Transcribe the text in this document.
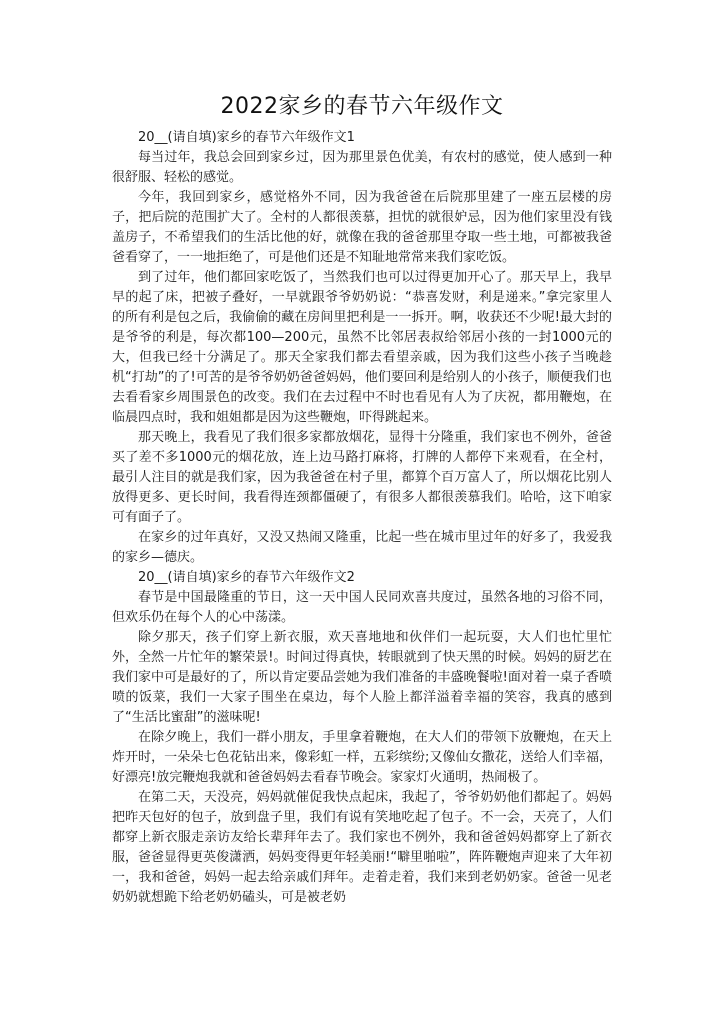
2022家乡的春节六年级作文

20__(请自填)家乡的春节六年级作文1

每当过年，我总会回到家乡过，因为那里景色优美，有农村的感觉，使人感到一种很舒服、轻松的感觉。

今年，我回到家乡，感觉格外不同，因为我爸爸在后院那里建了一座五层楼的房子，把后院的范围扩大了。全村的人都很羡慕，担忧的就很妒忌，因为他们家里没有钱盖房子，不希望我们的生活比他的好，就像在我的爸爸那里夺取一些土地，可都被我爸爸看穿了，一一地拒绝了，可是他们还是不知耻地常常来我们家吃饭。

到了过年，他们都回家吃饭了，当然我们也可以过得更加开心了。那天早上，我早早的起了床，把被子叠好，一早就跟爷爷奶奶说：“恭喜发财，利是递来。”拿完家里人的所有利是包之后，我偷偷的藏在房间里把利是一一拆开。啊，收获还不少呢!最大封的是爷爷的利是，每次都100—200元，虽然不比邻居表叔给邻居小孩的一封1000元的大，但我已经十分满足了。那天全家我们都去看望亲戚，因为我们这些小孩子当晚趁机“打劫”的了!可苦的是爷爷奶奶爸爸妈妈，他们要回利是给别人的小孩子，顺便我们也去看看家乡周围景色的改变。我们在去过程中不时也看见有人为了庆祝，都用鞭炮，在临晨四点时，我和姐姐都是因为这些鞭炮，吓得跳起来。

那天晚上，我看见了我们很多家都放烟花，显得十分隆重，我们家也不例外，爸爸买了差不多1000元的烟花放，连上边马路打麻将，打牌的人都停下来观看，在全村，最引人注目的就是我们家，因为我爸爸在村子里，都算个百万富人了，所以烟花比别人放得更多、更长时间，我看得连颈都僵硬了，有很多人都很羡慕我们。哈哈，这下咱家可有面子了。

在家乡的过年真好，又没又热闹又隆重，比起一些在城市里过年的好多了，我爱我的家乡—德庆。

20__(请自填)家乡的春节六年级作文2

春节是中国最隆重的节日，这一天中国人民同欢喜共度过，虽然各地的习俗不同，但欢乐仍在每个人的心中荡漾。

除夕那天，孩子们穿上新衣服，欢天喜地地和伙伴们一起玩耍，大人们也忙里忙外，全然一片忙年的繁荣景!。时间过得真快，转眼就到了快天黑的时候。妈妈的厨艺在我们家中可是最好的了，所以肯定要品尝她为我们准备的丰盛晚餐啦!面对着一桌子香喷喷的饭菜，我们一大家子围坐在桌边，每个人脸上都洋溢着幸福的笑容，我真的感到了“生活比蜜甜”的滋味呢!

在除夕晚上，我们一群小朋友，手里拿着鞭炮，在大人们的带领下放鞭炮，在天上炸开时，一朵朵七色花钻出来，像彩虹一样，五彩缤纷;又像仙女撒花，送给人们幸福，好漂亮!放完鞭炮我就和爸爸妈妈去看春节晚会。家家灯火通明，热闹极了。

在第二天，天没亮，妈妈就催促我快点起床，我起了，爷爷奶奶他们都起了。妈妈把昨天包好的包子，放到盘子里，我们有说有笑地吃起了包子。不一会，天亮了，人们都穿上新衣服走亲访友给长辈拜年去了。我们家也不例外，我和爸爸妈妈都穿上了新衣服，爸爸显得更英俊潇洒，妈妈变得更年轻美丽!“噼里啪啦”，阵阵鞭炮声迎来了大年初一，我和爸爸，妈妈一起去给亲戚们拜年。走着走着，我们来到老奶奶家。爸爸一见老奶奶就想跪下给老奶奶磕头，可是被老奶
